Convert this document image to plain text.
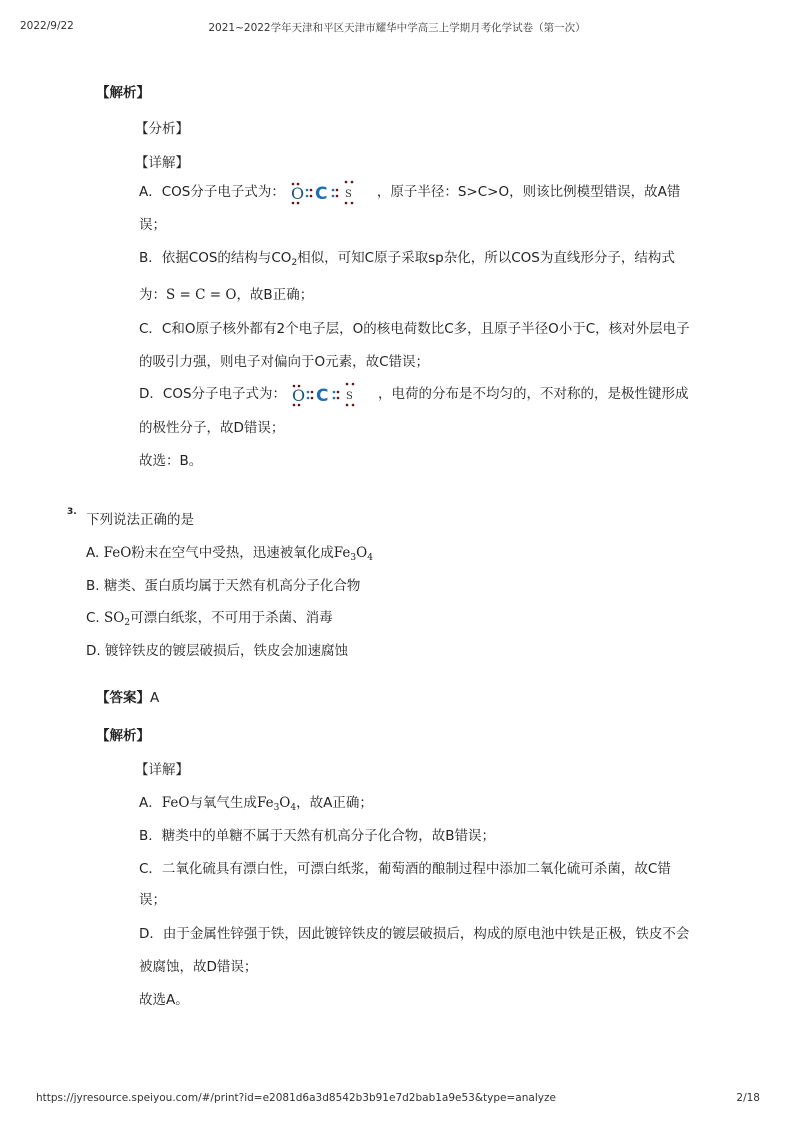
2022/9/22	2021~2022学年天津和平区天津市耀华中学高三上学期月考化学试卷（第一次）
【解析】
【分析】
【详解】
A．COS分子电子式为： O C S ，原子半径：S>C>O，则该比例模型错误，故A错
误；
B．依据COS的结构与$CO_2$相似，可知C原子采取sp杂化，所以COS为直线形分子，结构式
为：S = C = O，故B正确；
C．C和O原子核外都有2个电子层，O的核电荷数比C多，且原子半径O小于C，核对外层电子
的吸引力强，则电子对偏向于O元素，故C错误；
D．COS分子电子式为： O C S ，电荷的分布是不均匀的，不对称的，是极性键形成
的极性分子，故D错误；
故选：B。
3. 下列说法正确的是
A. FeO粉末在空气中受热，迅速被氧化成$Fe_3O_4$
B. 糖类、蛋白质均属于天然有机高分子化合物
C. $SO_2$可漂白纸浆，不可用于杀菌、消毒
D. 镀锌铁皮的镀层破损后，铁皮会加速腐蚀
【答案】A
【解析】
【详解】
A．FeO与氧气生成$Fe_3O_4$，故A正确；
B．糖类中的单糖不属于天然有机高分子化合物，故B错误；
C．二氧化硫具有漂白性，可漂白纸浆，葡萄酒的酿制过程中添加二氧化硫可杀菌，故C错
误；
D．由于金属性锌强于铁，因此镀锌铁皮的镀层破损后，构成的原电池中铁是正极，铁皮不会
被腐蚀，故D错误；
故选A。
https://jyresource.speiyou.com/#/print?id=e2081d6a3d8542b3b91e7d2bab1a9e53&type=analyze	2/18
